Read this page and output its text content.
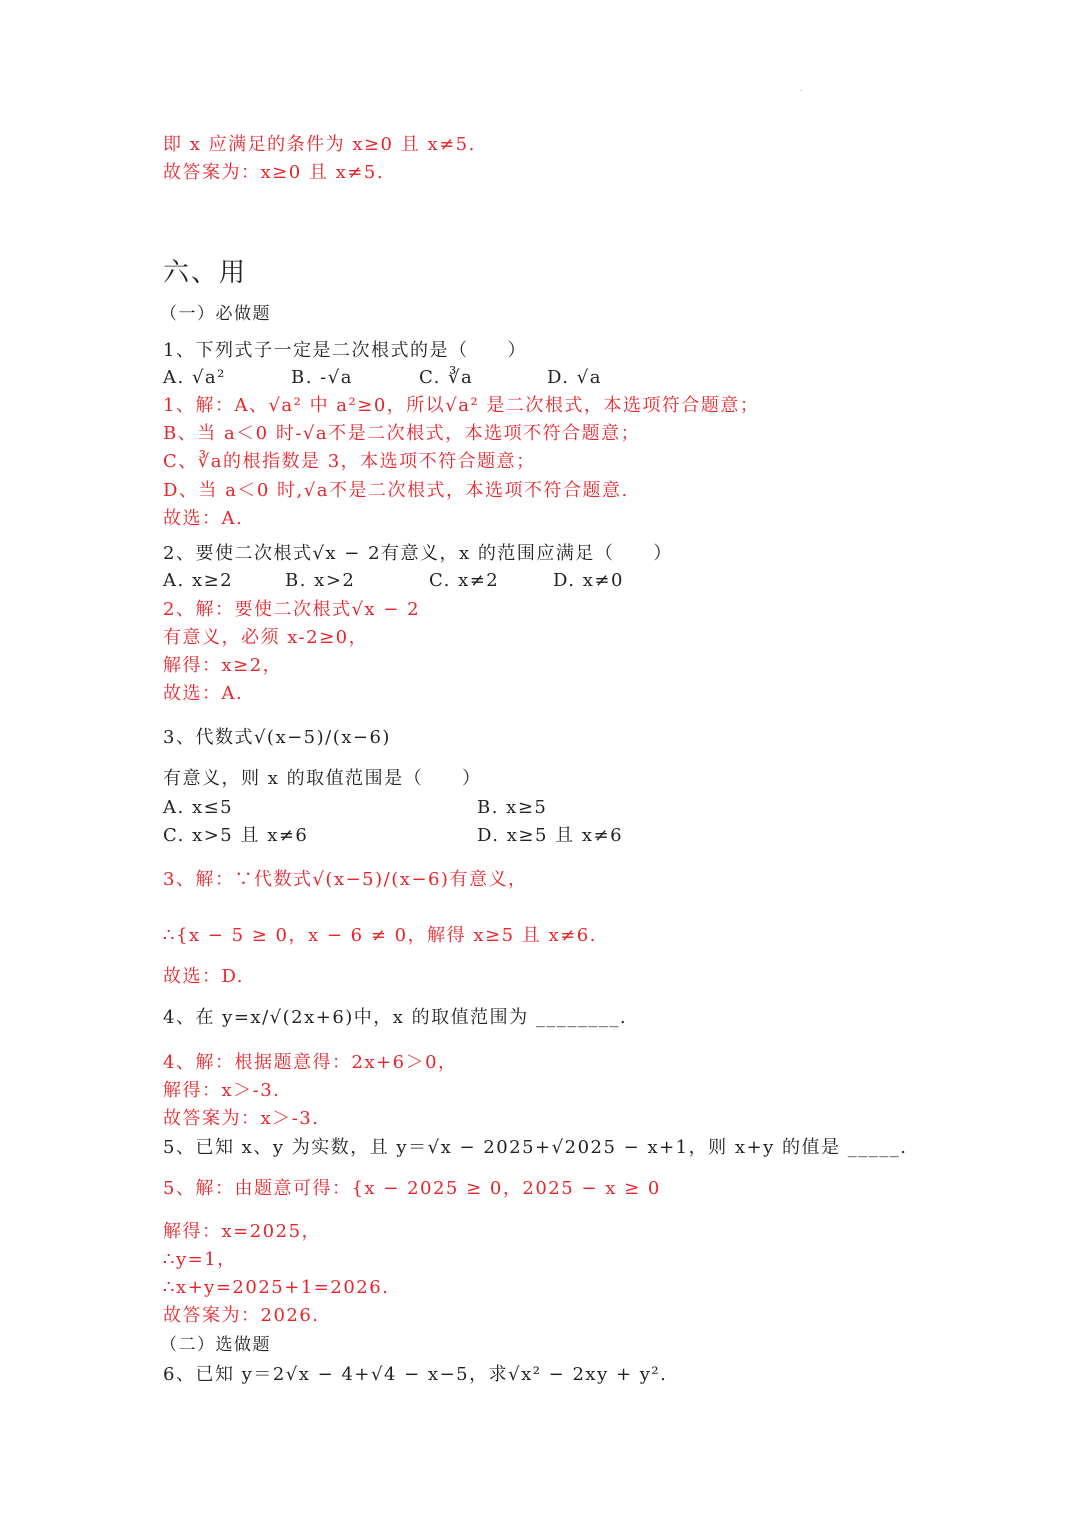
·
即 x 应满足的条件为 x≥0 且 x≠5.
故答案为：x≥0 且 x≠5.
六、用
（一）必做题
1、下列式子一定是二次根式的是（　　）
A. √a²	B. -√a	C. ∛a	D. √a
1、解：A、√a² 中 a²≥0，所以√a² 是二次根式，本选项符合题意；
B、当 a＜0 时-√a不是二次根式，本选项不符合题意；
C、∛a的根指数是 3，本选项不符合题意；
D、当 a＜0 时,√a不是二次根式，本选项不符合题意.
故选：A.
2、要使二次根式√x − 2有意义，x 的范围应满足（　　）
A. x≥2	B. x>2	C. x≠2	D. x≠0
2、解：要使二次根式√x − 2
有意义，必须 x-2≥0，
解得：x≥2，
故选：A.
3、代数式√(x−5)/(x−6)
有意义，则 x 的取值范围是（　　）
A. x≤5	B. x≥5
C. x>5 且 x≠6	D. x≥5 且 x≠6
3、解：∵代数式√(x−5)/(x−6)有意义，
∴{x − 5 ≥ 0，x − 6 ≠ 0，解得 x≥5 且 x≠6.
故选：D.
4、在 y=x/√(2x+6)中，x 的取值范围为 ________.
4、解：根据题意得：2x+6＞0，
解得：x＞-3.
故答案为：x＞-3.
5、已知 x、y 为实数，且 y＝√x − 2025+√2025 − x+1，则 x+y 的值是 _____.
5、解：由题意可得：{x − 2025 ≥ 0，2025 − x ≥ 0
解得：x=2025，
∴y=1，
∴x+y=2025+1=2026.
故答案为：2026.
（二）选做题
6、已知 y＝2√x − 4+√4 − x−5，求√x² − 2xy + y².
